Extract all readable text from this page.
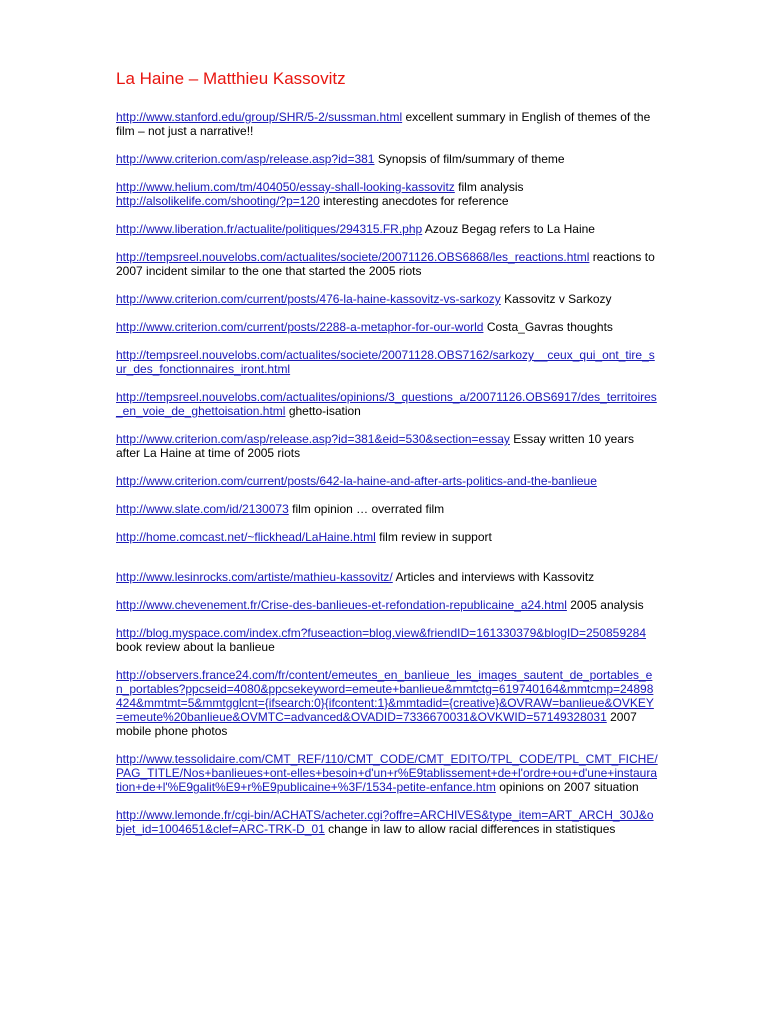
La Haine – Matthieu Kassovitz
http://www.stanford.edu/group/SHR/5-2/sussman.html excellent summary in English of themes of the film – not just a narrative!!
http://www.criterion.com/asp/release.asp?id=381 Synopsis of film/summary of theme
http://www.helium.com/tm/404050/essay-shall-looking-kassovitz film analysis
http://alsolikelife.com/shooting/?p=120 interesting anecdotes for reference
http://www.liberation.fr/actualite/politiques/294315.FR.php Azouz Begag refers to La Haine
http://tempsreel.nouvelobs.com/actualites/societe/20071126.OBS6868/les_reactions.html reactions to 2007 incident similar to the one that started the 2005 riots
http://www.criterion.com/current/posts/476-la-haine-kassovitz-vs-sarkozy Kassovitz v Sarkozy
http://www.criterion.com/current/posts/2288-a-metaphor-for-our-world Costa_Gavras thoughts
http://tempsreel.nouvelobs.com/actualites/societe/20071128.OBS7162/sarkozy__ceux_qui_ont_tire_sur_des_fonctionnaires_iront.html
http://tempsreel.nouvelobs.com/actualites/opinions/3_questions_a/20071126.OBS6917/des_territoires_en_voie_de_ghettoisation.html ghetto-isation
http://www.criterion.com/asp/release.asp?id=381&eid=530&section=essay Essay written 10 years after La Haine at time of 2005 riots
http://www.criterion.com/current/posts/642-la-haine-and-after-arts-politics-and-the-banlieue
http://www.slate.com/id/2130073 film opinion … overrated film
http://home.comcast.net/~flickhead/LaHaine.html film review in support
http://www.lesinrocks.com/artiste/mathieu-kassovitz/ Articles and interviews with Kassovitz
http://www.chevenement.fr/Crise-des-banlieues-et-refondation-republicaine_a24.html 2005 analysis
http://blog.myspace.com/index.cfm?fuseaction=blog.view&friendID=161330379&blogID=250859284 book review about la banlieue
http://observers.france24.com/fr/content/emeutes_en_banlieue_les_images_sautent_de_portables_en_portables?ppcseid=4080&ppcsekeyword=emeute+banlieue&mmtctg=619740164&mmtcmp=24898424&mmtmt=5&mmtgglcnt={ifsearch:0}{ifcontent:1}&mmtadid={creative}&OVRAW=banlieue&OVKEY=emeute%20banlieue&OVMTC=advanced&OVADID=7336670031&OVKWID=57149328031 2007 mobile phone photos
http://www.tessolidaire.com/CMT_REF/110/CMT_CODE/CMT_EDITO/TPL_CODE/TPL_CMT_FICHE/PAG_TITLE/Nos+banlieues+ont-elles+besoin+d'un+r%E9tablissement+de+l'ordre+ou+d'une+instauration+de+l'%E9galit%E9+r%E9publicaine+%3F/1534-petite-enfance.htm opinions on 2007 situation
http://www.lemonde.fr/cgi-bin/ACHATS/acheter.cgi?offre=ARCHIVES&type_item=ART_ARCH_30J&objet_id=1004651&clef=ARC-TRK-D_01 change in law to allow racial differences in statistiques
